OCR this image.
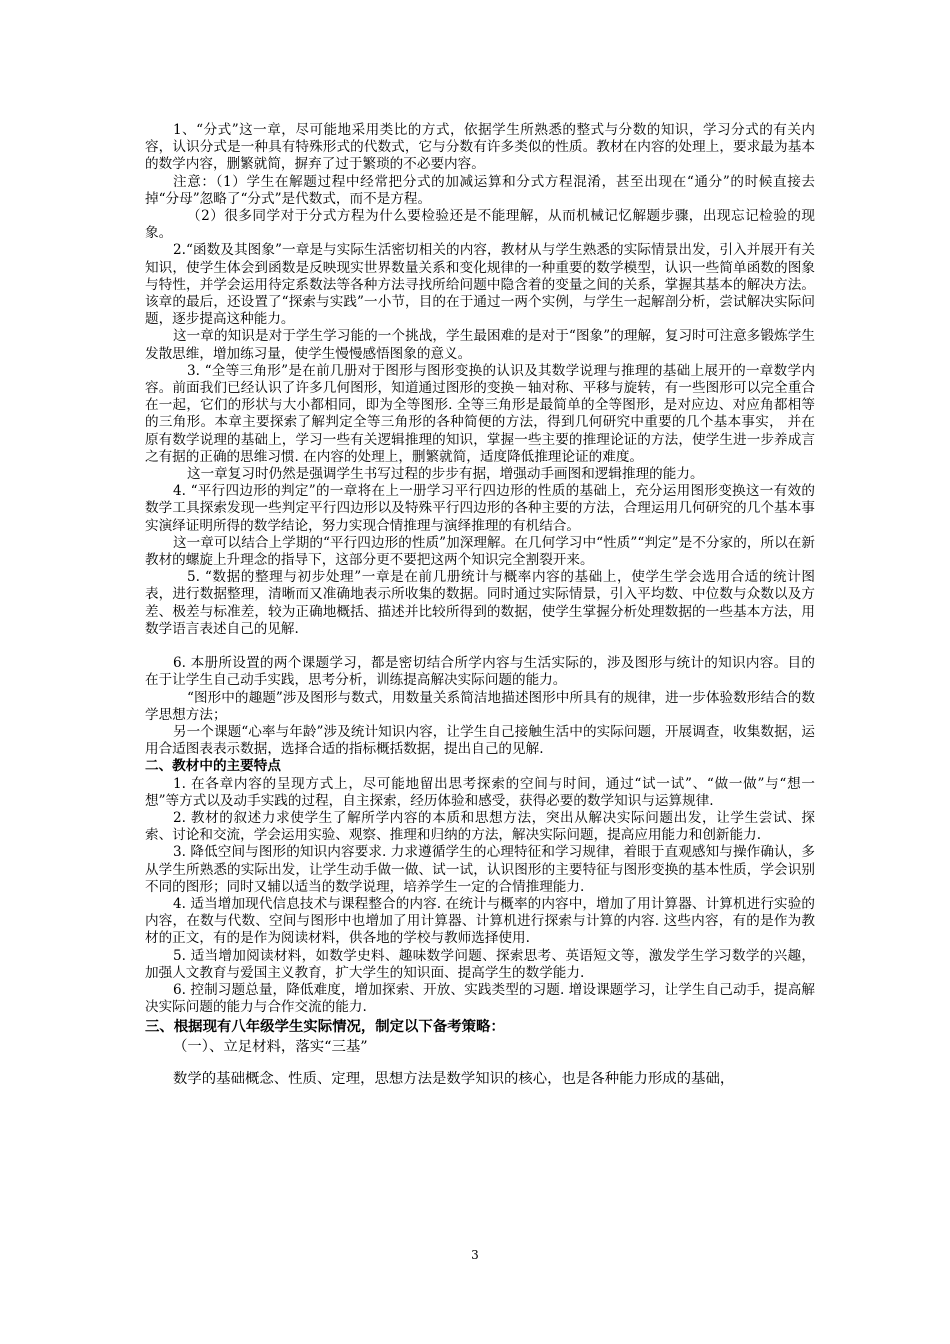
1、“分式”这一章，尽可能地采用类比的方式，依据学生所熟悉的整式与分数的知识，学习分式的有关内容，认识分式是一种具有特殊形式的代数式，它与分数有许多类似的性质。教材在内容的处理上，要求最为基本的数学内容，删繁就简，摒弃了过于繁琐的不必要内容。

注意：（1）学生在解题过程中经常把分式的加减运算和分式方程混淆，甚至出现在“通分”的时候直接去掉“分母”忽略了“分式”是代数式，而不是方程。

（2）很多同学对于分式方程为什么要检验还是不能理解，从而机械记忆解题步骤，出现忘记检验的现象。

2.“函数及其图象”一章是与实际生活密切相关的内容，教材从与学生熟悉的实际情景出发，引入并展开有关知识，使学生体会到函数是反映现实世界数量关系和变化规律的一种重要的数学模型，认识一些简单函数的图象与特性，并学会运用待定系数法等各种方法寻找所给问题中隐含着的变量之间的关系，掌握其基本的解决方法。该章的最后，还设置了“探索与实践”一小节，目的在于通过一两个实例，与学生一起解剖分析，尝试解决实际问题，逐步提高这种能力。

这一章的知识是对于学生学习能的一个挑战，学生最困难的是对于“图象”的理解，复习时可注意多锻炼学生发散思维，增加练习量，使学生慢慢感悟图象的意义。

3. “全等三角形”是在前几册对于图形与图形变换的认识及其数学说理与推理的基础上展开的一章数学内容。前面我们已经认识了许多几何图形，知道通过图形的变换－轴对称、平移与旋转，有一些图形可以完全重合在一起，它们的形状与大小都相同，即为全等图形. 全等三角形是最简单的全等图形，是对应边、对应角都相等的三角形。本章主要探索了解判定全等三角形的各种简便的方法，得到几何研究中重要的几个基本事实， 并在原有数学说理的基础上，学习一些有关逻辑推理的知识，掌握一些主要的推理论证的方法，使学生进一步养成言之有据的正确的思维习惯. 在内容的处理上，删繁就简，适度降低推理论证的难度。

这一章复习时仍然是强调学生书写过程的步步有据，增强动手画图和逻辑推理的能力。

4. “平行四边形的判定”的一章将在上一册学习平行四边形的性质的基础上，充分运用图形变换这一有效的数学工具探索发现一些判定平行四边形以及特殊平行四边形的各种主要的方法，合理运用几何研究的几个基本事实演绎证明所得的数学结论，努力实现合情推理与演绎推理的有机结合。

这一章可以结合上学期的“平行四边形的性质”加深理解。在几何学习中“性质”“判定”是不分家的，所以在新教材的螺旋上升理念的指导下，这部分更不要把这两个知识完全割裂开来。

5. “数据的整理与初步处理”一章是在前几册统计与概率内容的基础上，使学生学会选用合适的统计图表，进行数据整理，清晰而又准确地表示所收集的数据。同时通过实际情景，引入平均数、中位数与众数以及方差、极差与标准差，较为正确地概括、描述并比较所得到的数据，使学生掌握分析处理数据的一些基本方法，用数学语言表述自己的见解.

6. 本册所设置的两个课题学习，都是密切结合所学内容与生活实际的，涉及图形与统计的知识内容。目的在于让学生自己动手实践，思考分析，训练提高解决实际问题的能力。

“图形中的趣题”涉及图形与数式，用数量关系简洁地描述图形中所具有的规律，进一步体验数形结合的数学思想方法；

另一个课题“心率与年龄”涉及统计知识内容，让学生自己接触生活中的实际问题，开展调查，收集数据，运用合适图表表示数据，选择合适的指标概括数据，提出自己的见解.

二、教材中的主要特点

1. 在各章内容的呈现方式上，尽可能地留出思考探索的空间与时间，通过“试一试”、“做一做”与“想一想”等方式以及动手实践的过程，自主探索，经历体验和感受，获得必要的数学知识与运算规律.

2. 教材的叙述力求使学生了解所学内容的本质和思想方法，突出从解决实际问题出发，让学生尝试、探索、讨论和交流，学会运用实验、观察、推理和归纳的方法，解决实际问题，提高应用能力和创新能力.

3. 降低空间与图形的知识内容要求. 力求遵循学生的心理特征和学习规律，着眼于直观感知与操作确认，多从学生所熟悉的实际出发，让学生动手做一做、试一试，认识图形的主要特征与图形变换的基本性质，学会识别不同的图形；同时又辅以适当的数学说理，培养学生一定的合情推理能力.

4. 适当增加现代信息技术与课程整合的内容. 在统计与概率的内容中，增加了用计算器、计算机进行实验的内容，在数与代数、空间与图形中也增加了用计算器、计算机进行探索与计算的内容. 这些内容，有的是作为教材的正文，有的是作为阅读材料，供各地的学校与教师选择使用.

5. 适当增加阅读材料，如数学史料、趣味数学问题、探索思考、英语短文等，激发学生学习数学的兴趣，加强人文教育与爱国主义教育，扩大学生的知识面、提高学生的数学能力.

6. 控制习题总量，降低难度，增加探索、开放、实践类型的习题. 增设课题学习，让学生自己动手，提高解决实际问题的能力与合作交流的能力.

三、根据现有八年级学生实际情况，制定以下备考策略：

（一）、立足材料，落实“三基”

数学的基础概念、性质、定理，思想方法是数学知识的核心，也是各种能力形成的基础，

3
